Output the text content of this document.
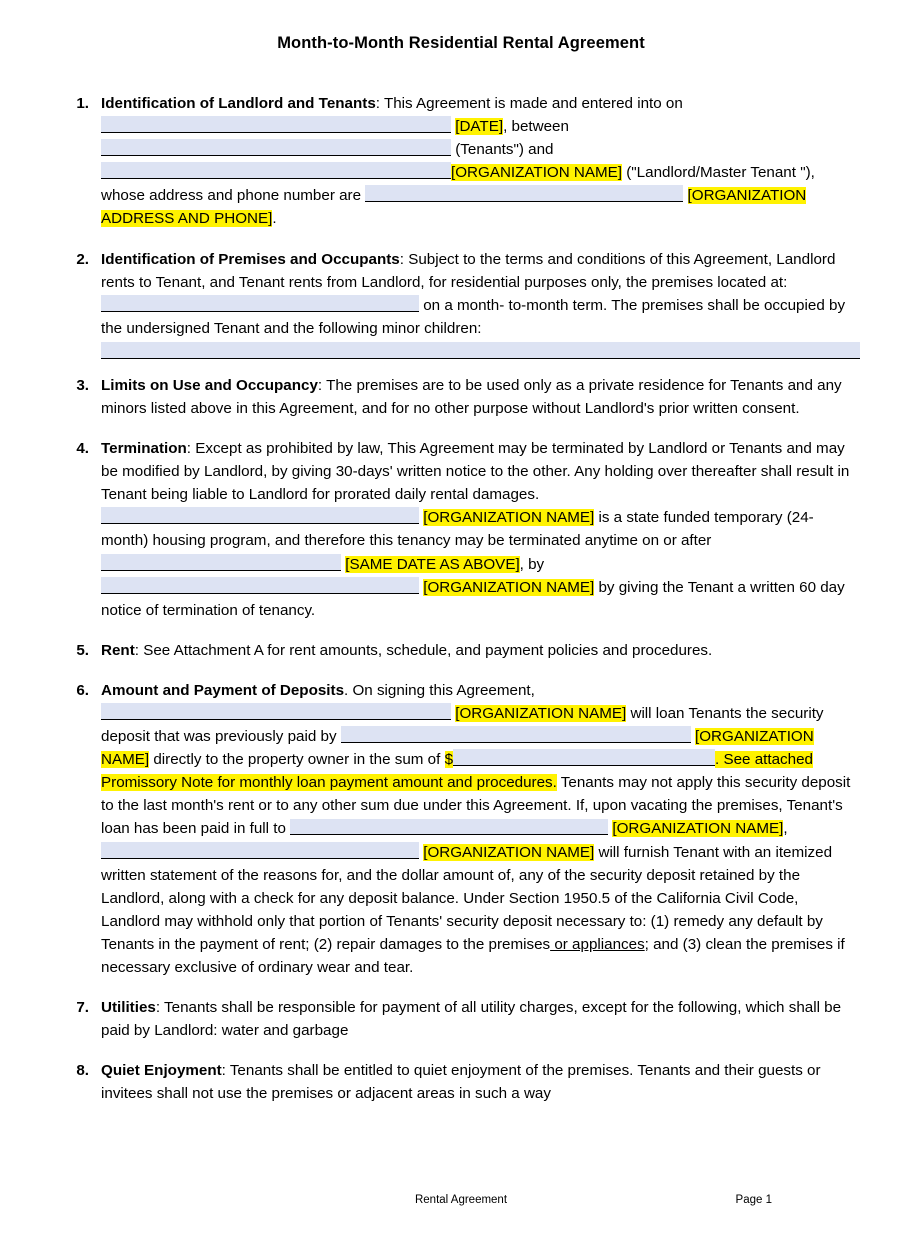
Month-to-Month Residential Rental Agreement
1. Identification of Landlord and Tenants: This Agreement is made and entered into on
[DATE], between
(Tenants") and
[ORGANIZATION NAME] ("Landlord/Master Tenant "), whose address and phone number are	[ORGANIZATION ADDRESS AND PHONE].
2. Identification of Premises and Occupants: Subject to the terms and conditions of this Agreement, Landlord rents to Tenant, and Tenant rents from Landlord, for residential purposes only, the premises located at:  on a month- to-month term. The premises shall be occupied by the undersigned Tenant and the following minor children:
3. Limits on Use and Occupancy: The premises are to be used only as a private residence for Tenants and any minors listed above in this Agreement, and for no other purpose without Landlord's prior written consent.
4. Termination: Except as prohibited by law, This Agreement may be terminated by Landlord or Tenants and may be modified by Landlord, by giving 30-days' written notice to the other. Any holding over thereafter shall result in Tenant being liable to Landlord for prorated daily rental damages.  [ORGANIZATION NAME] is a state funded temporary (24-month) housing program, and therefore this tenancy may be terminated anytime on or after  [SAME DATE AS ABOVE], by  [ORGANIZATION NAME] by giving the Tenant a written 60 day notice of termination of tenancy.
5. Rent: See Attachment A for rent amounts, schedule, and payment policies and procedures.
6. Amount and Payment of Deposits. On signing this Agreement,
[ORGANIZATION NAME] will loan Tenants the security deposit that was previously paid by	[ORGANIZATION NAME] directly to the property owner in the sum of $	. See attached Promissory Note for monthly loan payment amount and procedures. Tenants may not apply this security deposit to the last month's rent or to any other sum due under this Agreement. If, upon vacating the premises, Tenant's loan has been paid in full to	[ORGANIZATION NAME],  [ORGANIZATION NAME] will furnish Tenant with an itemized written statement of the reasons for, and the dollar amount of, any of the security deposit retained by the Landlord, along with a check for any deposit balance. Under Section 1950.5 of the California Civil Code, Landlord may withhold only that portion of Tenants' security deposit necessary to: (1) remedy any default by Tenants in the payment of rent; (2) repair damages to the premises or appliances; and (3) clean the premises if necessary exclusive of ordinary wear and tear.
7. Utilities: Tenants shall be responsible for payment of all utility charges, except for the following, which shall be paid by Landlord: water and garbage
8. Quiet Enjoyment: Tenants shall be entitled to quiet enjoyment of the premises. Tenants and their guests or invitees shall not use the premises or adjacent areas in such a way
Rental Agreement	Page 1
